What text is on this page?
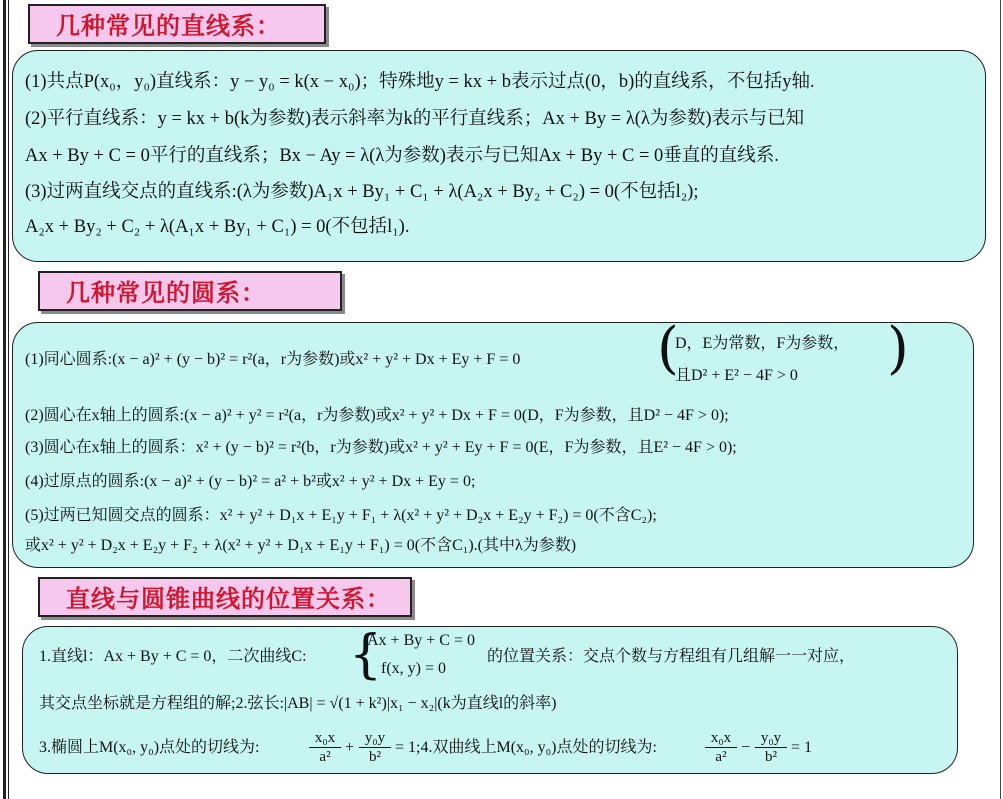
几种常见的直线系：
(1)共点P(x₀，y₀)直线系：y − y₀ = k(x − x₀)；特殊地y = kx + b表示过点(0，b)的直线系，不包括y轴.
(2)平行直线系：y = kx + b(k为参数)表示斜率为k的平行直线系；Ax + By = λ(λ为参数)表示与已知
Ax + By + C = 0平行的直线系；Bx − Ay = λ(λ为参数)表示与已知Ax + By + C = 0垂直的直线系.
(3)过两直线交点的直线系:(λ为参数)A₁x + By₁ + C₁ + λ(A₂x + By₂ + C₂) = 0(不包括l₂);
A₂x + By₂ + C₂ + λ(A₁x + By₁ + C₁) = 0(不包括l₁).
几种常见的圆系：
(1)同心圆系:(x − a)² + (y − b)² = r²(a，r为参数)或x² + y² + Dx + Ey + F = 0 (
D，E为常数，F为参数，
且D² + E² − 4F > 0 )
(2)圆心在x轴上的圆系:(x − a)² + y² = r²(a，r为参数)或x² + y² + Dx + F = 0(D，F为参数，且D² − 4F > 0);
(3)圆心在x轴上的圆系：x² + (y − b)² = r²(b，r为参数)或x² + y² + Ey + F = 0(E，F为参数，且E² − 4F > 0);
(4)过原点的圆系:(x − a)² + (y − b)² = a² + b²或x² + y² + Dx + Ey = 0;
(5)过两已知圆交点的圆系：x² + y² + D₁x + E₁y + F₁ + λ(x² + y² + D₂x + E₂y + F₂) = 0(不含C₂);
或x² + y² + D₂x + E₂y + F₂ + λ(x² + y² + D₁x + E₁y + F₁) = 0(不含C₁).(其中λ为参数)
直线与圆锥曲线的位置关系：
1.直线l：Ax + By + C = 0，二次曲线C: {
Ax + By + C = 0
f(x, y) = 0
的位置关系：交点个数与方程组有几组解一一对应，
其交点坐标就是方程组的解;2.弦长:|AB| = √(1 + k²)|x₁ − x₂|(k为直线l的斜率)
3.椭圆上M(x₀, y₀)点处的切线为:
x₀x
a²
+
y₀y
b²
= 1;4.双曲线上M(x₀, y₀)点处的切线为:
x₀x
a²
−
y₀y
b²
= 1
